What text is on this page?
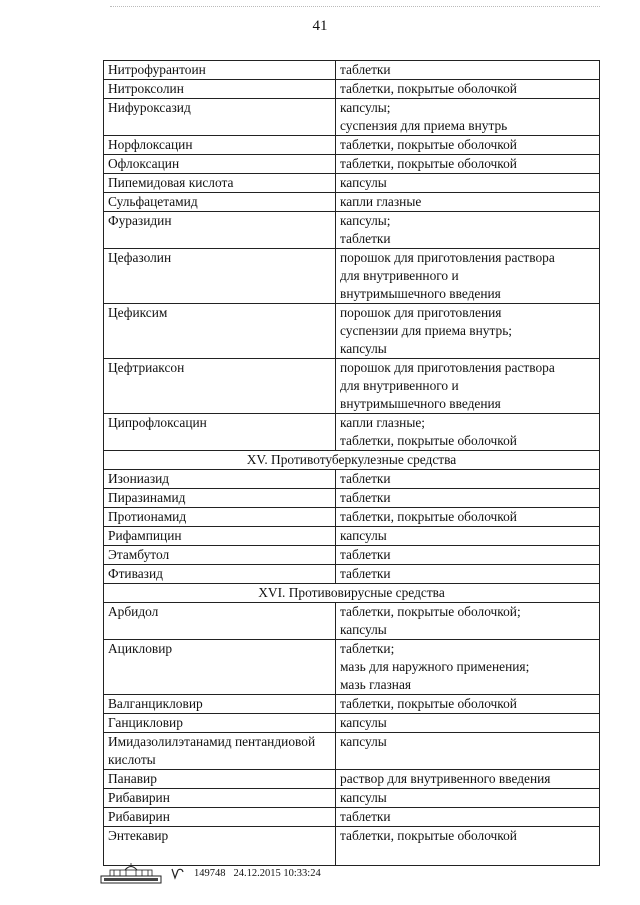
41
Нитрофурантоин	таблетки

Нитроксолин	таблетки, покрытые оболочкой

Нифуроксазид	капсулы;
суспензия для приема внутрь

Норфлоксацин	таблетки, покрытые оболочкой

Офлоксацин	таблетки, покрытые оболочкой

Пипемидовая кислота	капсулы

Сульфацетамид	капли глазные

Фуразидин	капсулы;
таблетки

Цефазолин	порошок для приготовления раствора
для внутривенного и
внутримышечного введения

Цефиксим	порошок для приготовления
суспензии для приема внутрь;
капсулы

Цефтриаксон	порошок для приготовления раствора
для внутривенного и
внутримышечного введения

Ципрофлоксацин	капли глазные;
таблетки, покрытые оболочкой

XV. Противотуберкулезные средства	
Изониазид	таблетки

Пиразинамид	таблетки

Протионамид	таблетки, покрытые оболочкой

Рифампицин	капсулы

Этамбутол	таблетки

Фтивазид	таблетки

XVI. Противовирусные средства	
Арбидол	таблетки, покрытые оболочкой;
капсулы

Ацикловир	таблетки;
мазь для наружного применения;
мазь глазная

Валганцикловир	таблетки, покрытые оболочкой

Ганцикловир	капсулы

Имидазолилэтанамид пентандиовой кислоты	капсулы

Панавир	раствор для внутривенного введения

Рибавирин	капсулы

Рибавирин	таблетки

Энтекавир	таблетки, покрытые оболочкой
149748 24.12.2015 10:33:24
